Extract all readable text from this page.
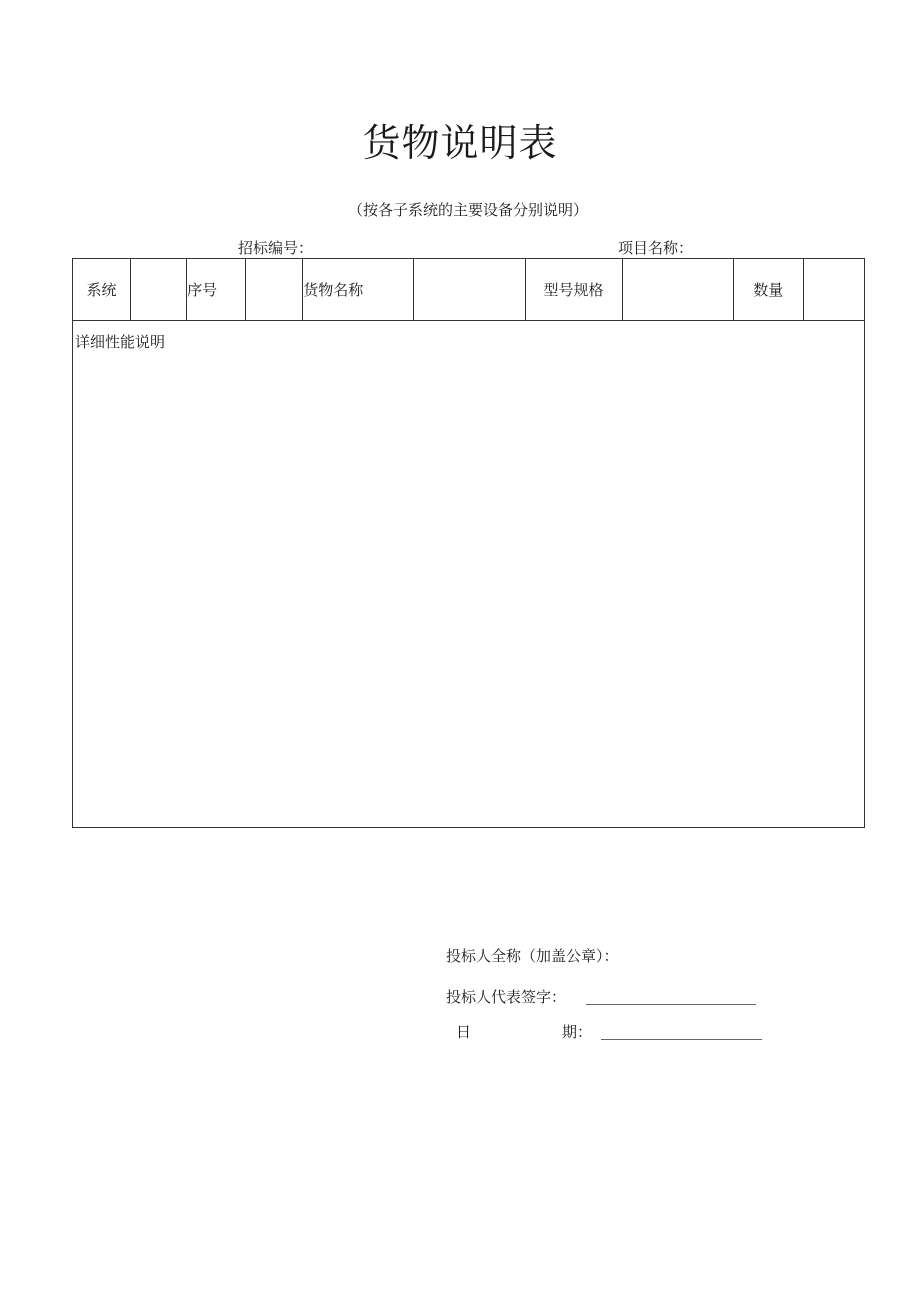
货物说明表
（按各子系统的主要设备分别说明）
招标编号：	项目名称：
系统		序号		货物名称		型号规格		数量	

详细性能说明
投标人全称（加盖公章）：
投标人代表签字：
日	期：
